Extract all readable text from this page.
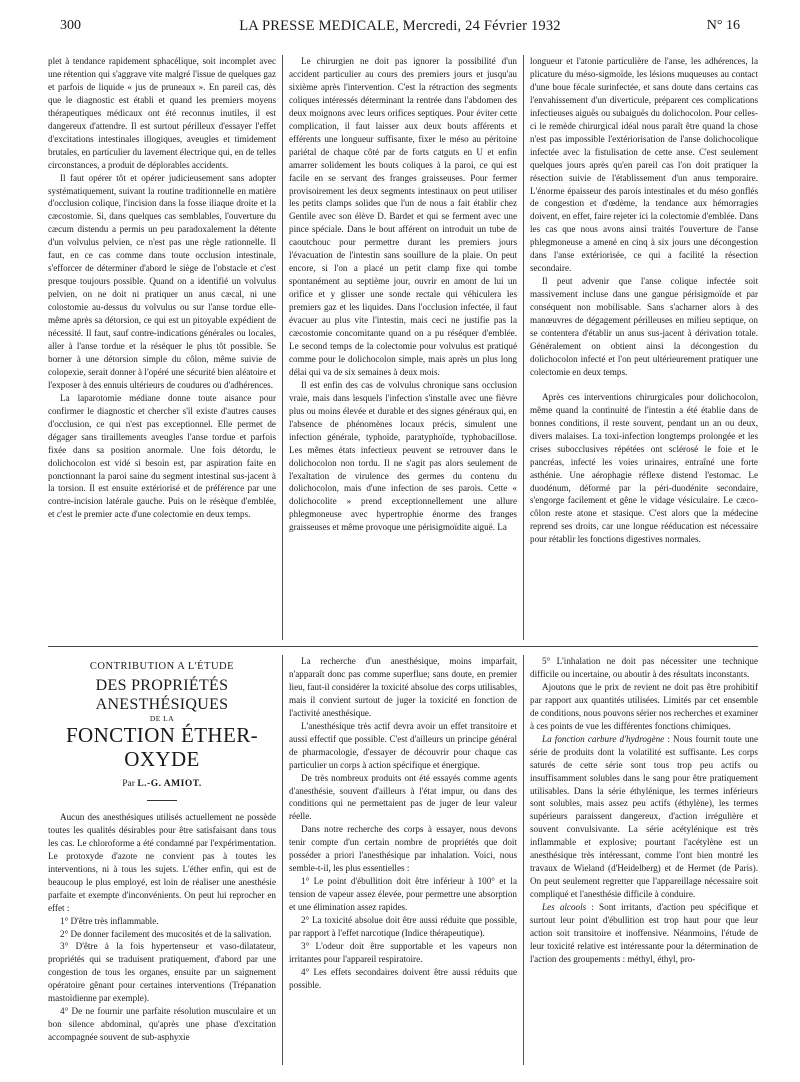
300	LA PRESSE MEDICALE, Mercredi, 24 Février 1932	N° 16

plet à tendance rapidement sphacélique, soit incomplet avec une rétention qui s'aggrave vite malgré l'issue de quelques gaz et parfois de liquide « jus de pruneaux ». En pareil cas, dès que le diagnostic est établi et quand les premiers moyens thérapeutiques médicaux ont été reconnus inutiles, il est dangereux d'attendre. Il est surtout périlleux d'essayer l'effet d'excitations intestinales illogiques, aveugles et timidement brutales, en particulier du lavement électrique qui, en de telles circonstances, a produit de déplorables accidents.

Il faut opérer tôt et opérer judicieusement sans adopter systématiquement, suivant la routine traditionnelle en matière d'occlusion colique, l'incision dans la fosse iliaque droite et la cæcostomie. Si, dans quelques cas semblables, l'ouverture du cæcum distendu a permis un peu paradoxalement la détente d'un volvulus pelvien, ce n'est pas une règle rationnelle. Il faut, en ce cas comme dans toute occlusion intestinale, s'efforcer de déterminer d'abord le siège de l'obstacle et c'est presque toujours possible. Quand on a identifié un volvulus pelvien, on ne doit ni pratiquer un anus cæcal, ni une colostomie au-dessus du volvulus ou sur l'anse tordue elle-même après sa détorsion, ce qui est un pitoyable expédient de nécessité. Il faut, sauf contre-indications générales ou locales, aller à l'anse tordue et la réséquer le plus tôt possible. Se borner à une détorsion simple du côlon, même suivie de colopexie, serait donner à l'opéré une sécurité bien aléatoire et l'exposer à des ennuis ultérieurs de coudures ou d'adhérences.

La laparotomie médiane donne toute aisance pour confirmer le diagnostic et chercher s'il existe d'autres causes d'occlusion, ce qui n'est pas exceptionnel. Elle permet de dégager sans tiraillements aveugles l'anse tordue et parfois fixée dans sa position anormale. Une fois détordu, le dolichocolon est vidé si besoin est, par aspiration faite en ponctionnant la paroi saine du segment intestinal sus-jacent à la torsion. Il est ensuite extériorisé et de préférence par une contre-incision latérale gauche. Puis on le résèque d'emblée, et c'est le premier acte d'une colectomie en deux temps.

Le chirurgien ne doit pas ignorer la possibilité d'un accident particulier au cours des premiers jours et jusqu'au sixième après l'intervention. C'est la rétraction des segments coliques intéressés déterminant la rentrée dans l'abdomen des deux moignons avec leurs orifices septiques. Pour éviter cette complication, il faut laisser aux deux bouts afférents et efférents une longueur suffisante, fixer le méso au péritoine pariétal de chaque côté par de forts catguts en U et enfin amarrer solidement les bouts coliques à la paroi, ce qui est facile en se servant des franges graisseuses. Pour fermer provisoirement les deux segments intestinaux on peut utiliser les petits clamps solides que l'un de nous a fait établir chez Gentile avec son élève D. Bardet et qui se ferment avec une pince spéciale. Dans le bout afférent on introduit un tube de caoutchouc pour permettre durant les premiers jours l'évacuation de l'intestin sans souillure de la plaie. On peut encore, si l'on a placé un petit clamp fixe qui tombe spontanément au septième jour, ouvrir en amont de lui un orifice et y glisser une sonde rectale qui véhiculera les premiers gaz et les liquides. Dans l'occlusion infectée, il faut évacuer au plus vite l'intestin, mais ceci ne justifie pas la cæcostomie concomitante quand on a pu réséquer d'emblée. Le second temps de la colectomie pour volvulus est pratiqué comme pour le dolichocolon simple, mais après un plus long délai qui va de six semaines à deux mois.

Il est enfin des cas de volvulus chronique sans occlusion vraie, mais dans lesquels l'infection s'installe avec une fièvre plus ou moins élevée et durable et des signes généraux qui, en l'absence de phénomènes locaux précis, simulent une infection générale, typhoïde, paratyphoïde, typhobacillose. Les mêmes états infectieux peuvent se retrouver dans le dolichocolon non tordu. Il ne s'agit pas alors seulement de l'exaltation de virulence des germes du contenu du dolichocolon, mais d'une infection de ses parois. Cette « dolichocolite » prend exceptionnellement une allure phlegmoneuse avec hypertrophie énorme des franges graisseuses et même provoque une périsigmoïdite aiguë. La

longueur et l'atonie particulière de l'anse, les adhérences, la plicature du méso-sigmoïde, les lésions muqueuses au contact d'une boue fécale surinfectée, et sans doute dans certains cas l'envahissement d'un diverticule, préparent ces complications infectieuses aiguës ou subaiguës du dolichocolon. Pour celles-ci le remède chirurgical idéal nous paraît être quand la chose n'est pas impossible l'extériorisation de l'anse dolichocolique infectée avec la fistulisation de cette anse. C'est seulement quelques jours après qu'en pareil cas l'on doit pratiquer la résection suivie de l'établissement d'un anus temporaire. L'énorme épaisseur des parois intestinales et du méso gonflés de congestion et d'œdème, la tendance aux hémorragies doivent, en effet, faire rejeter ici la colectomie d'emblée. Dans les cas que nous avons ainsi traités l'ouverture de l'anse phlegmoneuse a amené en cinq à six jours une décongestion dans l'anse extériorisée, ce qui a facilité la résection secondaire.

Il peut advenir que l'anse colique infectée soit massivement incluse dans une gangue périsigmoïde et par conséquent non mobilisable. Sans s'acharner alors à des manœuvres de dégagement périlleuses en milieu septique, on se contentera d'établir un anus sus-jacent à dérivation totale. Généralement on obtient ainsi la décongestion du dolichocolon infecté et l'on peut ultérieurement pratiquer une colectomie en deux temps.

Après ces interventions chirurgicales pour dolichocolon, même quand la continuité de l'intestin a été établie dans de bonnes conditions, il reste souvent, pendant un an ou deux, divers malaises. La toxi-infection longtemps prolongée et les crises subocclusives répétées ont sclérosé le foie et le pancréas, infecté les voies urinaires, entraîné une forte asthénie. Une aérophagie réflexe distend l'estomac. Le duodénum, déformé par la péri-duodénite secondaire, s'engorge facilement et gêne le vidage vésiculaire. Le cæco-côlon reste atone et stasique. C'est alors que la médecine reprend ses droits, car une longue rééducation est nécessaire pour rétablir les fonctions digestives normales.

CONTRIBUTION A L'ÉTUDE

DES PROPRIÉTÉS ANESTHÉSIQUES

DE LA

FONCTION ÉTHER-OXYDE

Par L.-G. AMIOT.

Aucun des anesthésiques utilisés actuellement ne possède toutes les qualités désirables pour être satisfaisant dans tous les cas. Le chloroforme a été condamné par l'expérimentation. Le protoxyde d'azote ne convient pas à toutes les interventions, ni à tous les sujets. L'éther enfin, qui est de beaucoup le plus employé, est loin de réaliser une anesthésie parfaite et exempte d'inconvénients. On peut lui reprocher en effet :

1° D'être très inflammable.

2° De donner facilement des mucosités et de la salivation.

3° D'être à la fois hypertenseur et vaso-dilatateur, propriétés qui se traduisent pratiquement, d'abord par une congestion de tous les organes, ensuite par un saignement opératoire gênant pour certaines interventions (Trépanation mastoïdienne par exemple).

4° De ne fournir une parfaite résolution musculaire et un bon silence abdominal, qu'après une phase d'excitation accompagnée souvent de sub-asphyxie

La recherche d'un anesthésique, moins imparfait, n'apparaît donc pas comme superflue; sans doute, en premier lieu, faut-il considérer la toxicité absolue des corps utilisables, mais il convient surtout de juger la toxicité en fonction de l'activité anesthésique.

L'anesthésique très actif devra avoir un effet transitoire et aussi effectif que possible. C'est d'ailleurs un principe général de pharmacologie, d'essayer de découvrir pour chaque cas particulier un corps à action spécifique et énergique.

De très nombreux produits ont été essayés comme agents d'anesthésie, souvent d'ailleurs à l'état impur, ou dans des conditions qui ne permettaient pas de juger de leur valeur réelle.

Dans notre recherche des corps à essayer, nous devons tenir compte d'un certain nombre de propriétés que doit posséder a priori l'anesthésique par inhalation. Voici, nous semble-t-il, les plus essentielles :

1° Le point d'ébullition doit être inférieur à 100° et la tension de vapeur assez élevée, pour permettre une absorption et une élimination assez rapides.

2° La toxicité absolue doit être aussi réduite que possible, par rapport à l'effet narcotique (Indice thérapeutique).

3° L'odeur doit être supportable et les vapeurs non irritantes pour l'appareil respiratoire.

4° Les effets secondaires doivent être aussi réduits que possible.

5° L'inhalation ne doit pas nécessiter une technique difficile ou incertaine, ou aboutir à des résultats inconstants.

Ajoutons que le prix de revient ne doit pas être prohibitif par rapport aux quantités utilisées. Limités par cet ensemble de conditions, nous pouvons sérier nos recherches et examiner à ces points de vue les différentes fonctions chimiques.

La fonction carbure d'hydrogène : Nous fournit toute une série de produits dont la volatilité est suffisante. Les corps saturés de cette série sont tous trop peu actifs ou insuffisamment solubles dans le sang pour être pratiquement utilisables. Dans la série éthylénique, les termes inférieurs sont solubles, mais assez peu actifs (éthylène), les termes supérieurs paraissent dangereux, d'action irrégulière et souvent convulsivante. La série acétylénique est très inflammable et explosive; pourtant l'acétylène est un anesthésique très intéressant, comme l'ont bien montré les travaux de Wieland (d'Heidelberg) et de Hermet (de Paris). On peut seulement regretter que l'appareillage nécessaire soit compliqué et l'anesthésie difficile à conduire.

Les alcools : Sont irritants, d'action peu spécifique et surtout leur point d'ébullition est trop haut pour que leur action soit transitoire et inoffensive. Néanmoins, l'étude de leur toxicité relative est intéressante pour la détermination de l'action des groupements : méthyl, éthyl, pro-
